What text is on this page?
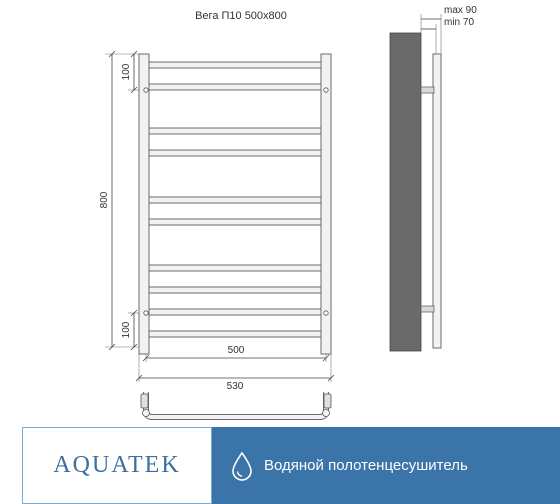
Вега П10 500x800
800
100
100
500
530
max 90
min 70
AQUATEK	Водяной полотенцесушитель
